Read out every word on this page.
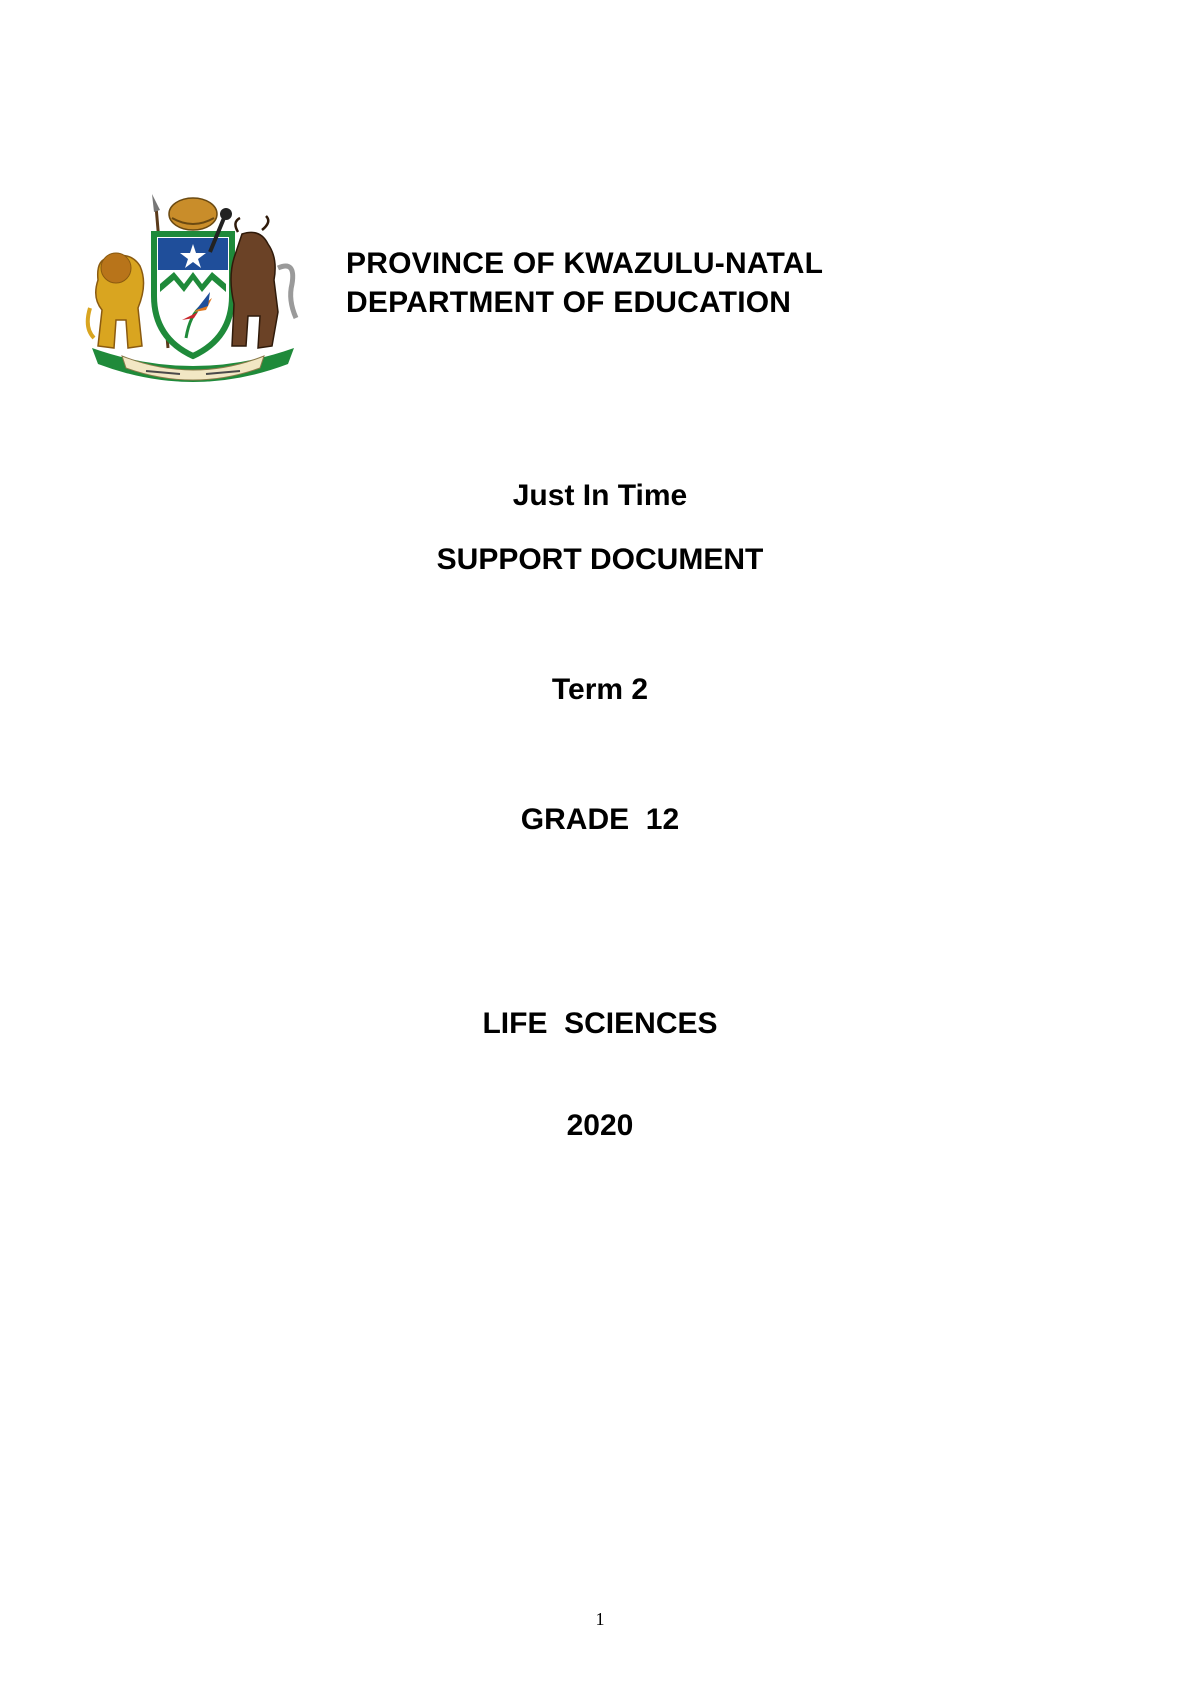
PROVINCE OF KWAZULU-NATAL
DEPARTMENT OF EDUCATION
Just In Time
SUPPORT DOCUMENT
Term 2
GRADE  12
LIFE  SCIENCES
2020
1
